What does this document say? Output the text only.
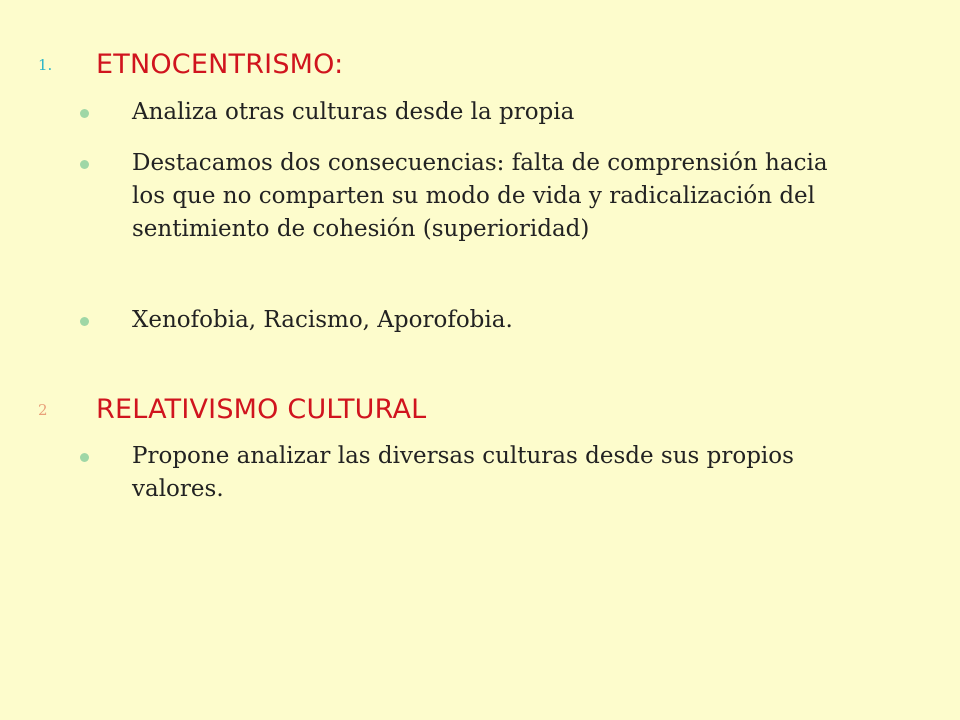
1. ETNOCENTRISMO:
Analiza otras culturas desde la propia
Destacamos dos consecuencias: falta de comprensión hacia los que no comparten su modo de vida y radicalización del sentimiento de cohesión (superioridad)
Xenofobia, Racismo, Aporofobia.
2 RELATIVISMO CULTURAL
Propone analizar las diversas culturas desde sus propios valores.
